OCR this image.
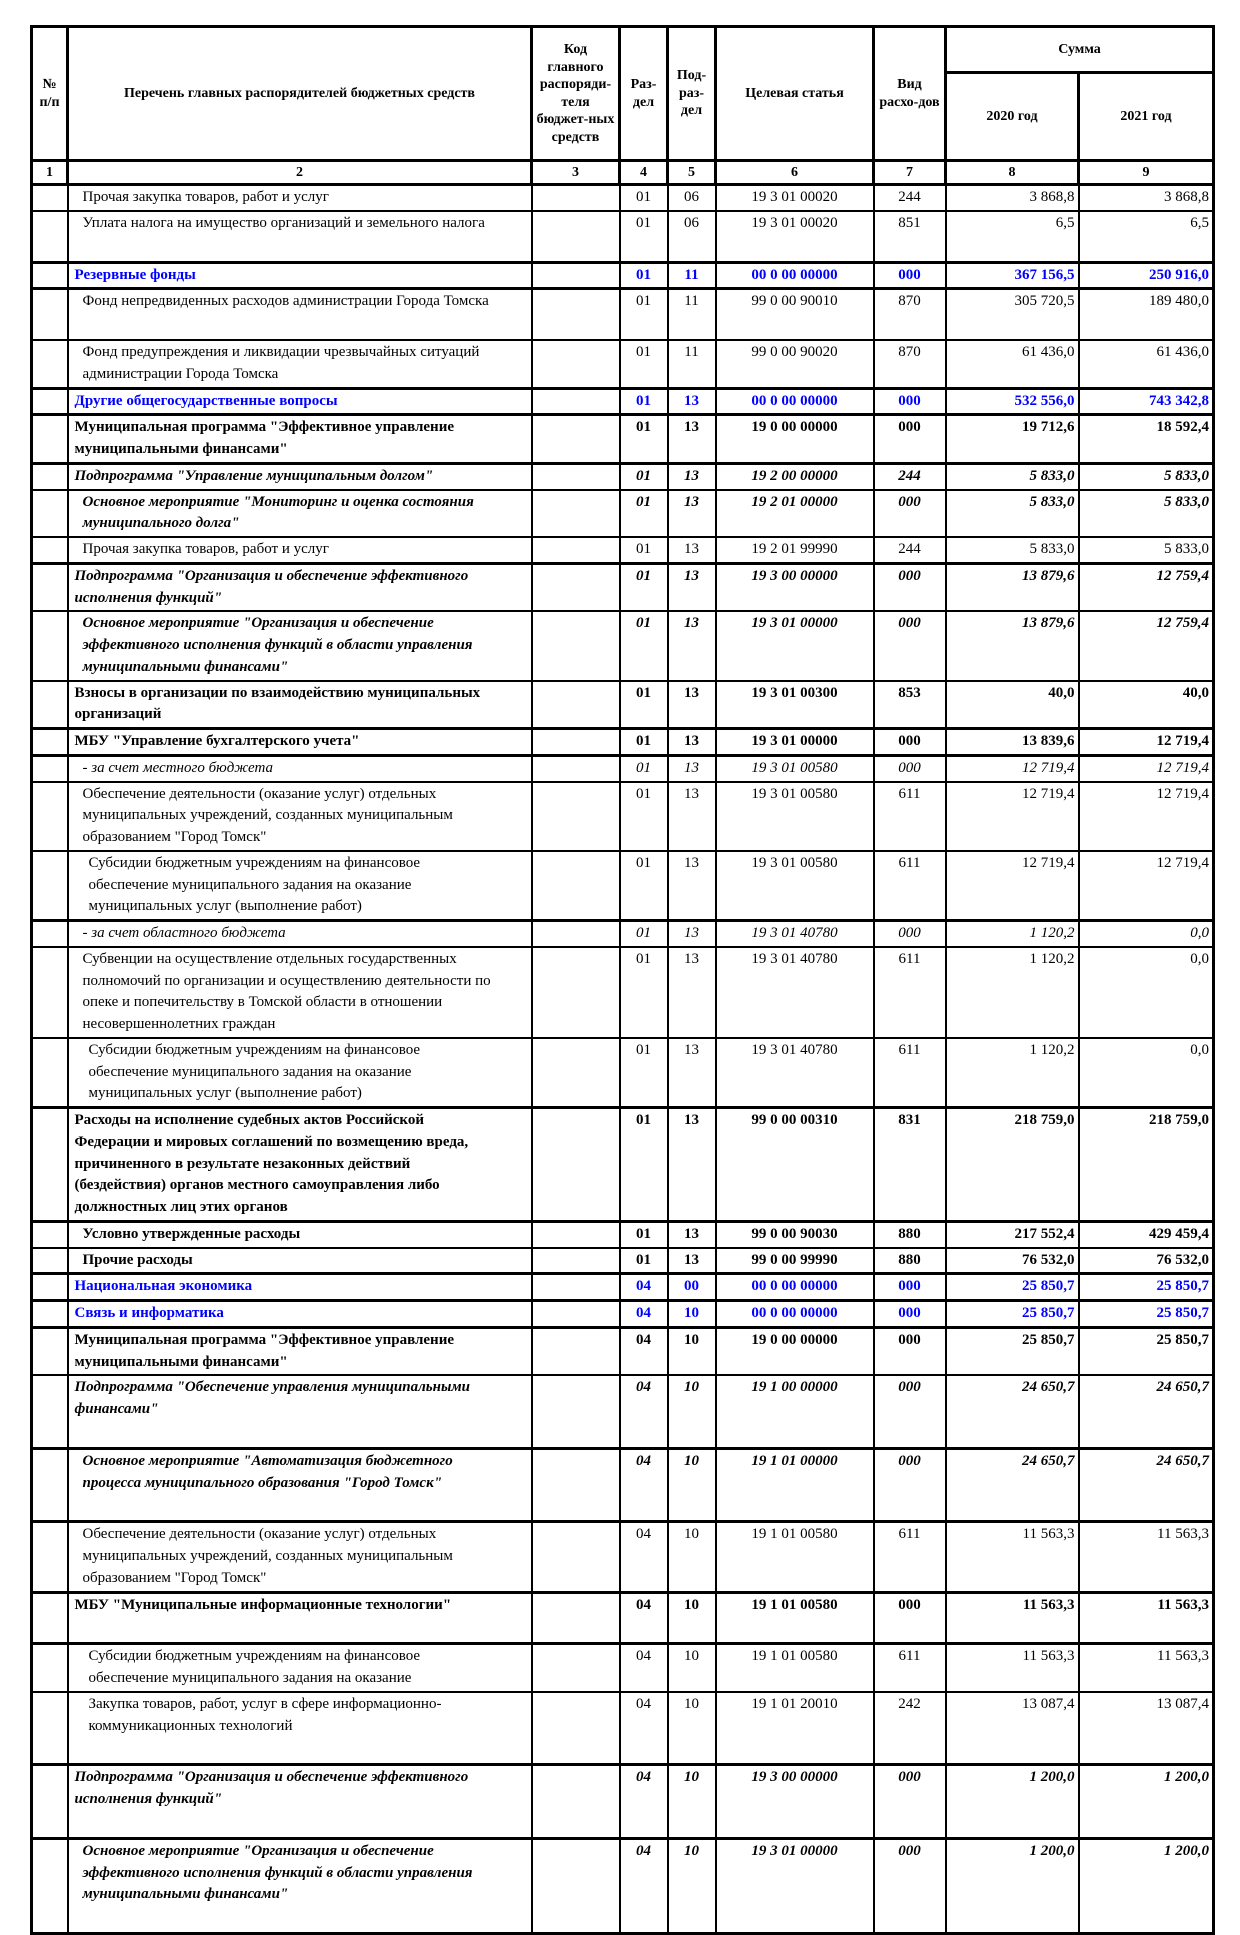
№ п/п	Перечень главных распорядителей бюджетных средств	Код главного распоряди-теля бюджет-ных средств	Раз-дел	Под-раз-дел	Целевая статья	Вид расхо-дов	Сумма	
							2020 год	2021 год
1	2	3	4	5	6	7	8	9
	Прочая закупка товаров, работ и услуг		01	06	19 3 01 00020	244	3 868,8	3 868,8
	Уплата налога на имущество организаций и земельного налога		01	06	19 3 01 00020	851	6,5	6,5
	Резервные фонды		01	11	00 0 00 00000	000	367 156,5	250 916,0
	Фонд непредвиденных расходов администрации Города Томска		01	11	99 0 00 90010	870	305 720,5	189 480,0
	Фонд предупреждения и ликвидации чрезвычайных ситуаций администрации Города Томска		01	11	99 0 00 90020	870	61 436,0	61 436,0
	Другие общегосударственные вопросы		01	13	00 0 00 00000	000	532 556,0	743 342,8
	Муниципальная программа "Эффективное управление муниципальными финансами"		01	13	19 0 00 00000	000	19 712,6	18 592,4
	Подпрограмма "Управление муниципальным долгом"		01	13	19 2 00 00000	244	5 833,0	5 833,0
	Основное мероприятие "Мониторинг и оценка состояния муниципального долга"		01	13	19 2 01 00000	000	5 833,0	5 833,0
	Прочая закупка товаров, работ и услуг		01	13	19 2 01 99990	244	5 833,0	5 833,0
	Подпрограмма "Организация и обеспечение эффективного исполнения функций"		01	13	19 3 00 00000	000	13 879,6	12 759,4
	Основное мероприятие "Организация и обеспечение эффективного исполнения функций в области управления муниципальными финансами"		01	13	19 3 01 00000	000	13 879,6	12 759,4
	Взносы в организации по взаимодействию муниципальных организаций		01	13	19 3 01 00300	853	40,0	40,0
	МБУ "Управление бухгалтерского учета"		01	13	19 3 01 00000	000	13 839,6	12 719,4
	- за счет местного бюджета		01	13	19 3 01 00580	000	12 719,4	12 719,4
	Обеспечение деятельности (оказание услуг) отдельных муниципальных учреждений, созданных муниципальным образованием "Город Томск"		01	13	19 3 01 00580	611	12 719,4	12 719,4
	Субсидии бюджетным учреждениям на финансовое обеспечение муниципального задания на оказание муниципальных услуг (выполнение работ)		01	13	19 3 01 00580	611	12 719,4	12 719,4
	- за счет областного бюджета		01	13	19 3 01 40780	000	1 120,2	0,0
	Субвенции на осуществление отдельных государственных полномочий по организации и осуществлению деятельности по опеке и попечительству в Томской области в отношении несовершеннолетних граждан		01	13	19 3 01 40780	611	1 120,2	0,0
	Субсидии бюджетным учреждениям на финансовое обеспечение муниципального задания на оказание муниципальных услуг (выполнение работ)		01	13	19 3 01 40780	611	1 120,2	0,0
	Расходы на исполнение судебных актов Российской Федерации и мировых соглашений по возмещению вреда, причиненного в результате незаконных действий (бездействия) органов местного самоуправления либо должностных лиц этих органов		01	13	99 0 00 00310	831	218 759,0	218 759,0
	Условно утвержденные расходы		01	13	99 0 00 90030	880	217 552,4	429 459,4
	Прочие расходы		01	13	99 0 00 99990	880	76 532,0	76 532,0
	Национальная экономика		04	00	00 0 00 00000	000	25 850,7	25 850,7
	Связь и информатика		04	10	00 0 00 00000	000	25 850,7	25 850,7
	Муниципальная программа "Эффективное управление муниципальными финансами"		04	10	19 0 00 00000	000	25 850,7	25 850,7
	Подпрограмма "Обеспечение управления муниципальными финансами"		04	10	19 1 00 00000	000	24 650,7	24 650,7
	Основное мероприятие "Автоматизация бюджетного процесса муниципального образования "Город Томск"		04	10	19 1 01 00000	000	24 650,7	24 650,7
	Обеспечение деятельности (оказание услуг) отдельных муниципальных учреждений, созданных муниципальным образованием "Город Томск"		04	10	19 1 01 00580	611	11 563,3	11 563,3
	МБУ "Муниципальные информационные технологии"		04	10	19 1 01 00580	000	11 563,3	11 563,3
	Субсидии бюджетным учреждениям на финансовое обеспечение муниципального задания на оказание		04	10	19 1 01 00580	611	11 563,3	11 563,3
	Закупка товаров, работ, услуг в сфере информационно-коммуникационных технологий		04	10	19 1 01 20010	242	13 087,4	13 087,4
	Подпрограмма "Организация и обеспечение эффективного исполнения функций"		04	10	19 3 00 00000	000	1 200,0	1 200,0
	Основное мероприятие "Организация и обеспечение эффективного исполнения функций в области управления муниципальными финансами"		04	10	19 3 01 00000	000	1 200,0	1 200,0
